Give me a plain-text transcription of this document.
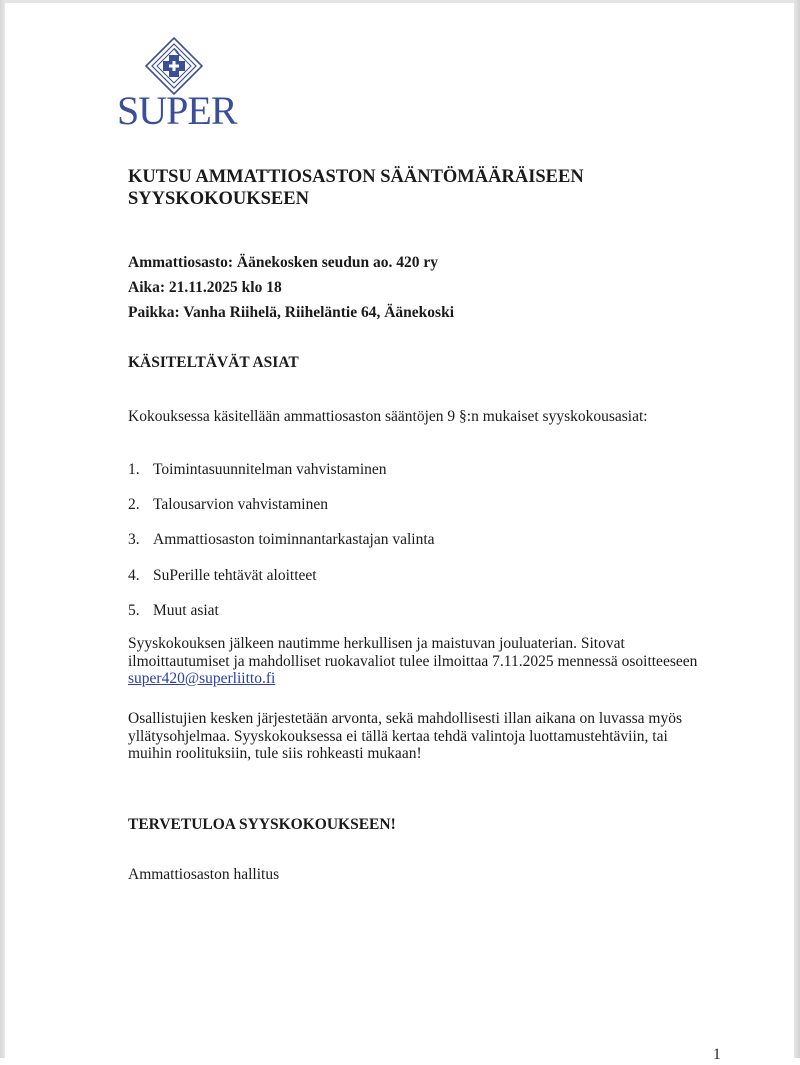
SUPER
KUTSU AMMATTIOSASTON SÄÄNTÖMÄÄRÄISEEN
SYYSKOKOUKSEEN
Ammattiosasto: Äänekosken seudun ao. 420 ry
Aika: 21.11.2025 klo 18
Paikka: Vanha Riihelä, Riiheläntie 64, Äänekoski
KÄSITELTÄVÄT ASIAT
Kokouksessa käsitellään ammattiosaston sääntöjen 9 §:n mukaiset syyskokousasiat:
1. Toimintasuunnitelman vahvistaminen
2. Talousarvion vahvistaminen
3. Ammattiosaston toiminnantarkastajan valinta
4. SuPerille tehtävät aloitteet
5. Muut asiat

Syyskokouksen jälkeen nautimme herkullisen ja maistuvan jouluaterian. Sitovat
ilmoittautumiset ja mahdolliset ruokavaliot tulee ilmoittaa 7.11.2025 mennessä osoitteeseen
super420@superliitto.fi

Osallistujien kesken järjestetään arvonta, sekä mahdollisesti illan aikana on luvassa myös
yllätysohjelmaa. Syyskokouksessa ei tällä kertaa tehdä valintoja luottamustehtäviin, tai
muihin roolituksiin, tule siis rohkeasti mukaan!

TERVETULOA SYYSKOKOUKSEEN!
Ammattiosaston hallitus
1
